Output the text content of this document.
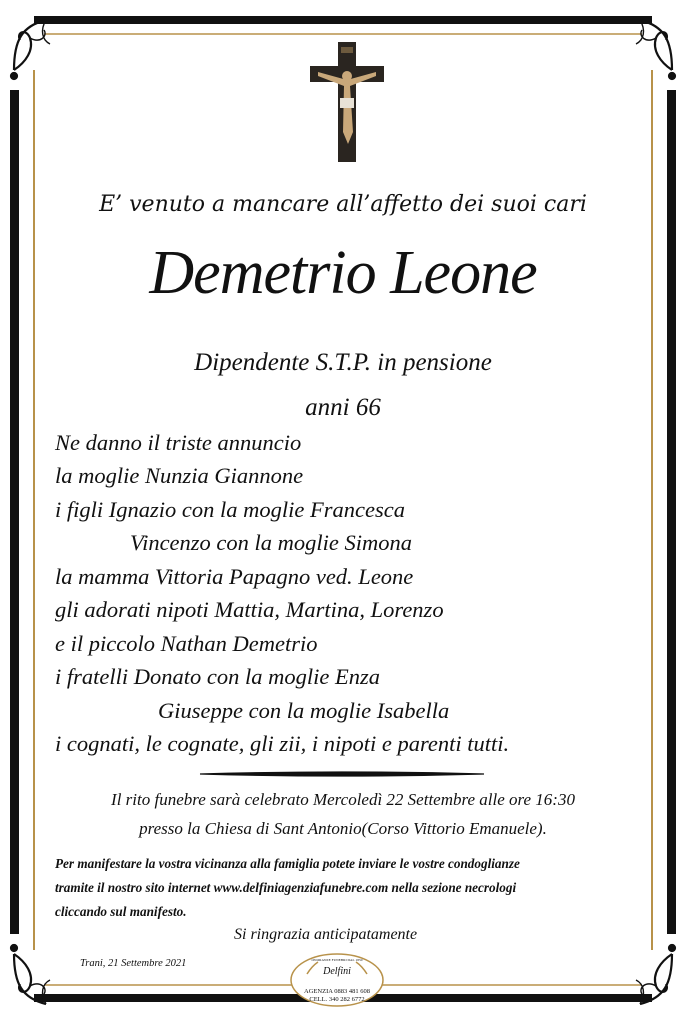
E’ venuto a mancare all’affetto dei suoi cari
Demetrio Leone
Dipendente S.T.P. in pensione
anni 66
Ne danno il triste annuncio
la moglie Nunzia Giannone
i figli Ignazio con la moglie Francesca
Vincenzo con la moglie Simona
la mamma Vittoria Papagno ved. Leone
gli adorati nipoti Mattia, Martina, Lorenzo
e il piccolo Nathan Demetrio
i fratelli Donato con la moglie Enza
Giuseppe con la moglie Isabella
i cognati, le cognate, gli zii, i nipoti e parenti tutti.
Il rito funebre sarà celebrato Mercoledì 22 Settembre alle ore 16:30
presso la Chiesa di Sant Antonio(Corso Vittorio Emanuele).
Per manifestare la vostra vicinanza alla famiglia potete inviare le vostre condoglianze
tramite il nostro sito internet www.delfiniagenziafunebre.com nella sezione necrologi
cliccando sul manifesto.
Si ringrazia anticipatamente
Trani, 21 Settembre 2021	ONORANZE FUNEBRI DAL 1850
Delfini
AGENZIA 0883 481 608
CELL. 340 282 6772
